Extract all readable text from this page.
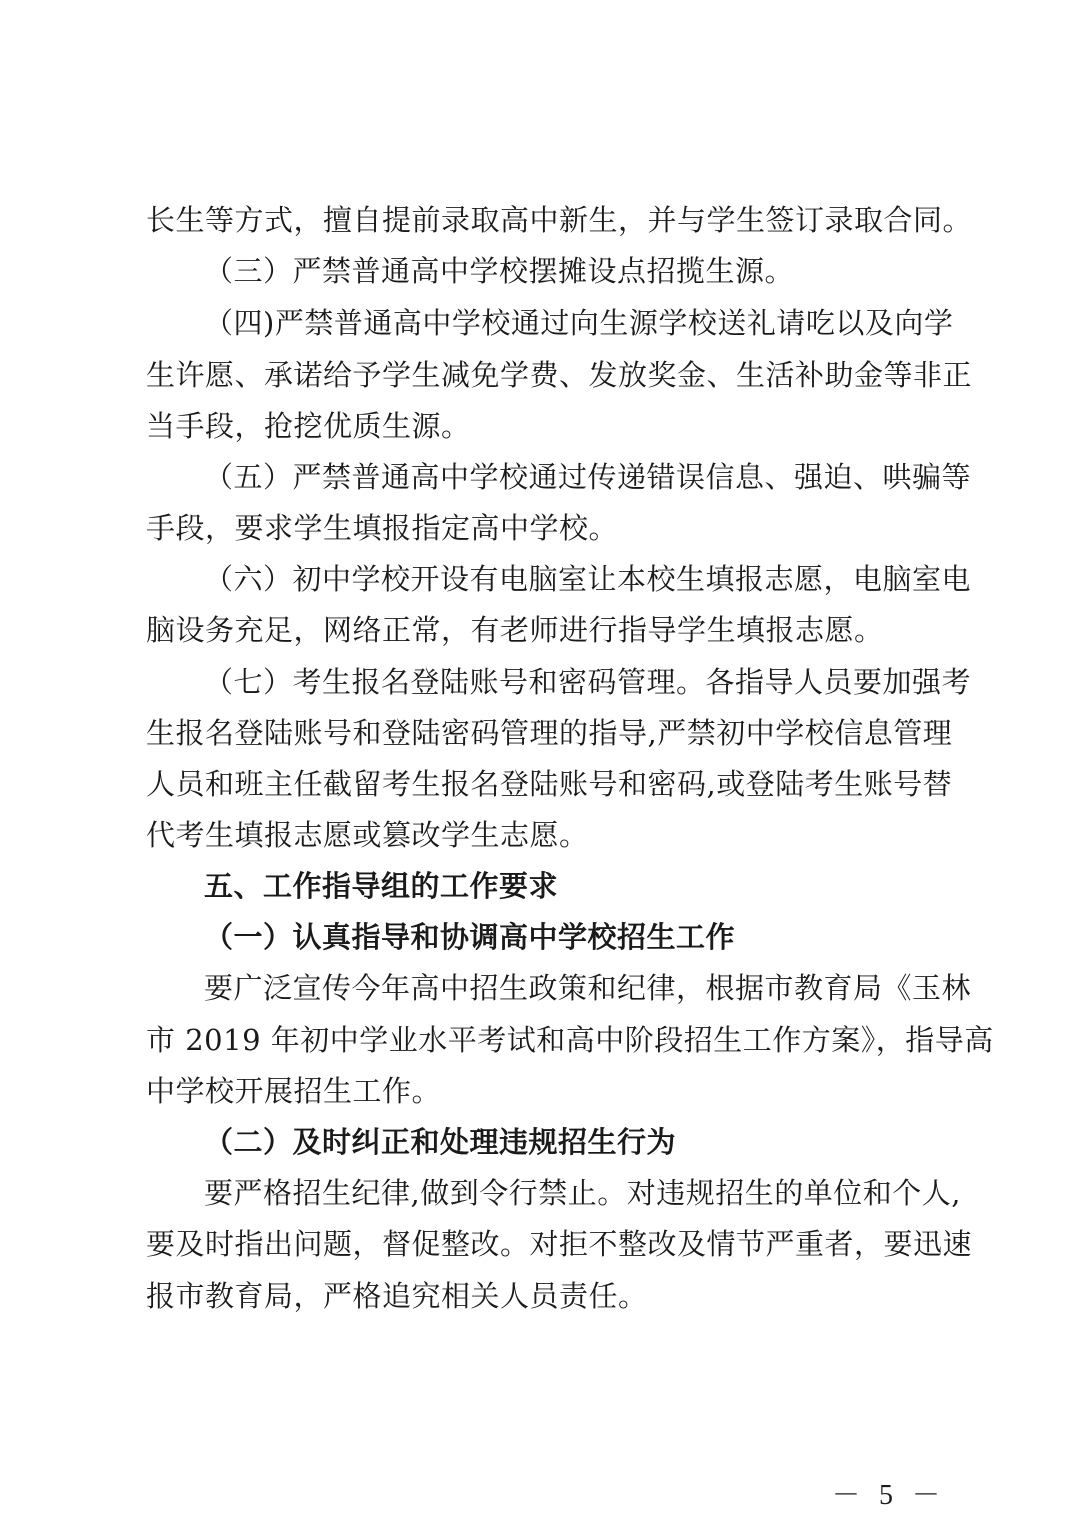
长生等方式，擅自提前录取高中新生，并与学生签订录取合同。
（三）严禁普通高中学校摆摊设点招揽生源。
（四)严禁普通高中学校通过向生源学校送礼请吃以及向学
生许愿、承诺给予学生减免学费、发放奖金、生活补助金等非正
当手段，抢挖优质生源。
（五）严禁普通高中学校通过传递错误信息、强迫、哄骗等
手段，要求学生填报指定高中学校。
（六）初中学校开设有电脑室让本校生填报志愿，电脑室电
脑设务充足，网络正常，有老师进行指导学生填报志愿。
（七）考生报名登陆账号和密码管理。各指导人员要加强考
生报名登陆账号和登陆密码管理的指导,严禁初中学校信息管理
人员和班主任截留考生报名登陆账号和密码,或登陆考生账号替
代考生填报志愿或篡改学生志愿。
五、工作指导组的工作要求
（一）认真指导和协调高中学校招生工作
要广泛宣传今年高中招生政策和纪律，根据市教育局《玉林
市 2019 年初中学业水平考试和高中阶段招生工作方案》，指导高
中学校开展招生工作。
（二）及时纠正和处理违规招生行为
要严格招生纪律,做到令行禁止。对违规招生的单位和个人,
要及时指出问题，督促整改。对拒不整改及情节严重者，要迅速
报市教育局，严格追究相关人员责任。
－ 5 －
